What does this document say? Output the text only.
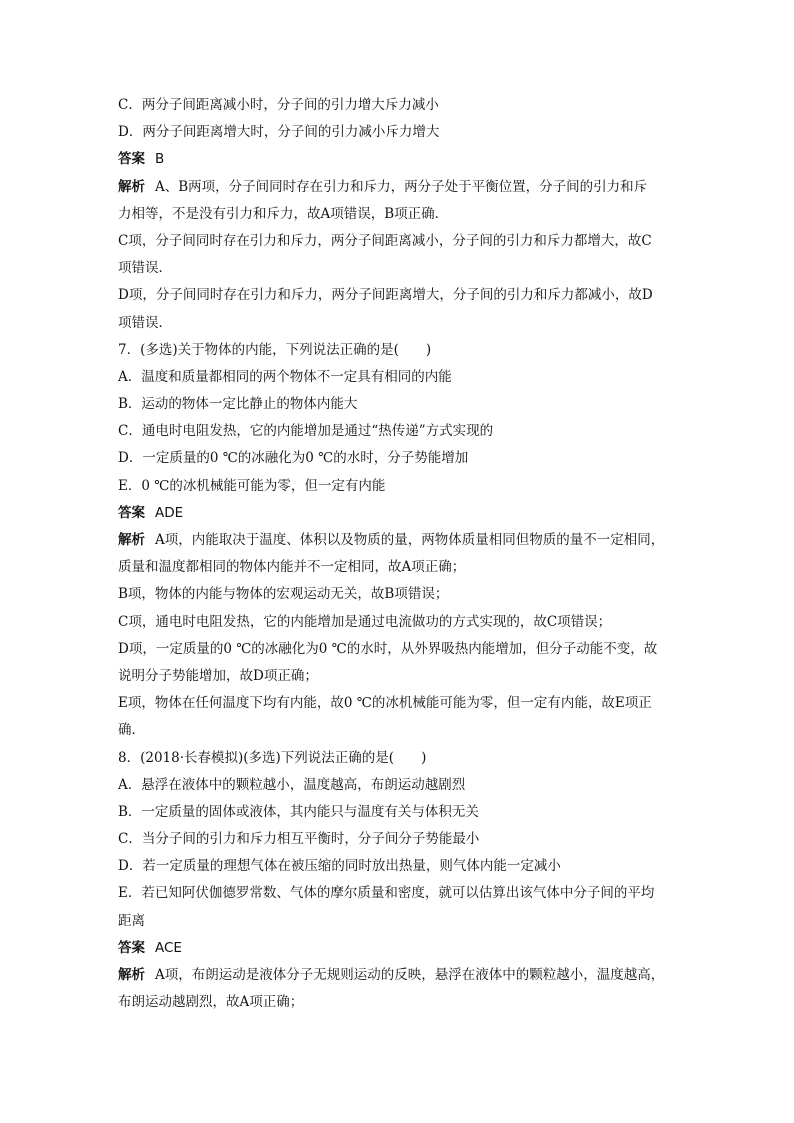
C．两分子间距离减小时，分子间的引力增大斥力减小
D．两分子间距离增大时，分子间的引力减小斥力增大
答案 B
解析 A、B两项，分子间同时存在引力和斥力，两分子处于平衡位置，分子间的引力和斥
力相等，不是没有引力和斥力，故A项错误，B项正确．
C项，分子间同时存在引力和斥力，两分子间距离减小，分子间的引力和斥力都增大，故C
项错误．
D项，分子间同时存在引力和斥力，两分子间距离增大，分子间的引力和斥力都减小，故D
项错误．
7．(多选)关于物体的内能，下列说法正确的是(　　)
A．温度和质量都相同的两个物体不一定具有相同的内能
B．运动的物体一定比静止的物体内能大
C．通电时电阻发热，它的内能增加是通过“热传递”方式实现的
D．一定质量的0 ℃的冰融化为0 ℃的水时，分子势能增加
E．0 ℃的冰机械能可能为零，但一定有内能
答案 ADE
解析 A项，内能取决于温度、体积以及物质的量，两物体质量相同但物质的量不一定相同，
质量和温度都相同的物体内能并不一定相同，故A项正确；
B项，物体的内能与物体的宏观运动无关，故B项错误；
C项，通电时电阻发热，它的内能增加是通过电流做功的方式实现的，故C项错误；
D项，一定质量的0 ℃的冰融化为0 ℃的水时，从外界吸热内能增加，但分子动能不变，故
说明分子势能增加，故D项正确；
E项，物体在任何温度下均有内能，故0 ℃的冰机械能可能为零，但一定有内能，故E项正
确．
8．(2018·长春模拟)(多选)下列说法正确的是(　　)
A．悬浮在液体中的颗粒越小，温度越高，布朗运动越剧烈
B．一定质量的固体或液体，其内能只与温度有关与体积无关
C．当分子间的引力和斥力相互平衡时，分子间分子势能最小
D．若一定质量的理想气体在被压缩的同时放出热量，则气体内能一定减小
E．若已知阿伏伽德罗常数、气体的摩尔质量和密度，就可以估算出该气体中分子间的平均
距离
答案 ACE
解析 A项，布朗运动是液体分子无规则运动的反映，悬浮在液体中的颗粒越小，温度越高，
布朗运动越剧烈，故A项正确；
